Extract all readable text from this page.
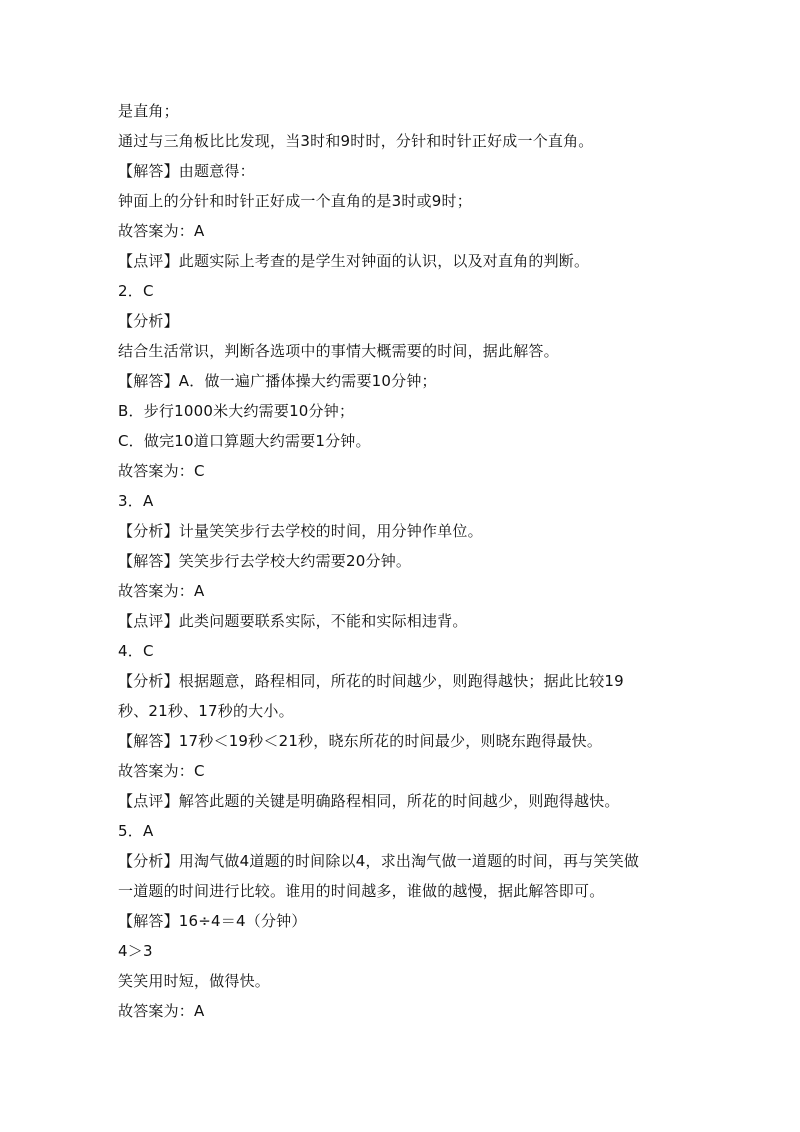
是直角；
通过与三角板比比发现，当3时和9时时，分针和时针正好成一个直角。
【解答】由题意得：
钟面上的分针和时针正好成一个直角的是3时或9时；
故答案为：A
【点评】此题实际上考查的是学生对钟面的认识，以及对直角的判断。
2．C
【分析】
结合生活常识，判断各选项中的事情大概需要的时间，据此解答。
【解答】A．做一遍广播体操大约需要10分钟；
B．步行1000米大约需要10分钟；
C．做完10道口算题大约需要1分钟。
故答案为：C
3．A
【分析】计量笑笑步行去学校的时间，用分钟作单位。
【解答】笑笑步行去学校大约需要20分钟。
故答案为：A
【点评】此类问题要联系实际，不能和实际相违背。
4．C
【分析】根据题意，路程相同，所花的时间越少，则跑得越快；据此比较19
秒、21秒、17秒的大小。
【解答】17秒＜19秒＜21秒，晓东所花的时间最少，则晓东跑得最快。
故答案为：C
【点评】解答此题的关键是明确路程相同，所花的时间越少，则跑得越快。
5．A
【分析】用淘气做4道题的时间除以4，求出淘气做一道题的时间，再与笑笑做
一道题的时间进行比较。谁用的时间越多，谁做的越慢，据此解答即可。
【解答】16÷4＝4（分钟）
4＞3
笑笑用时短，做得快。
故答案为：A
